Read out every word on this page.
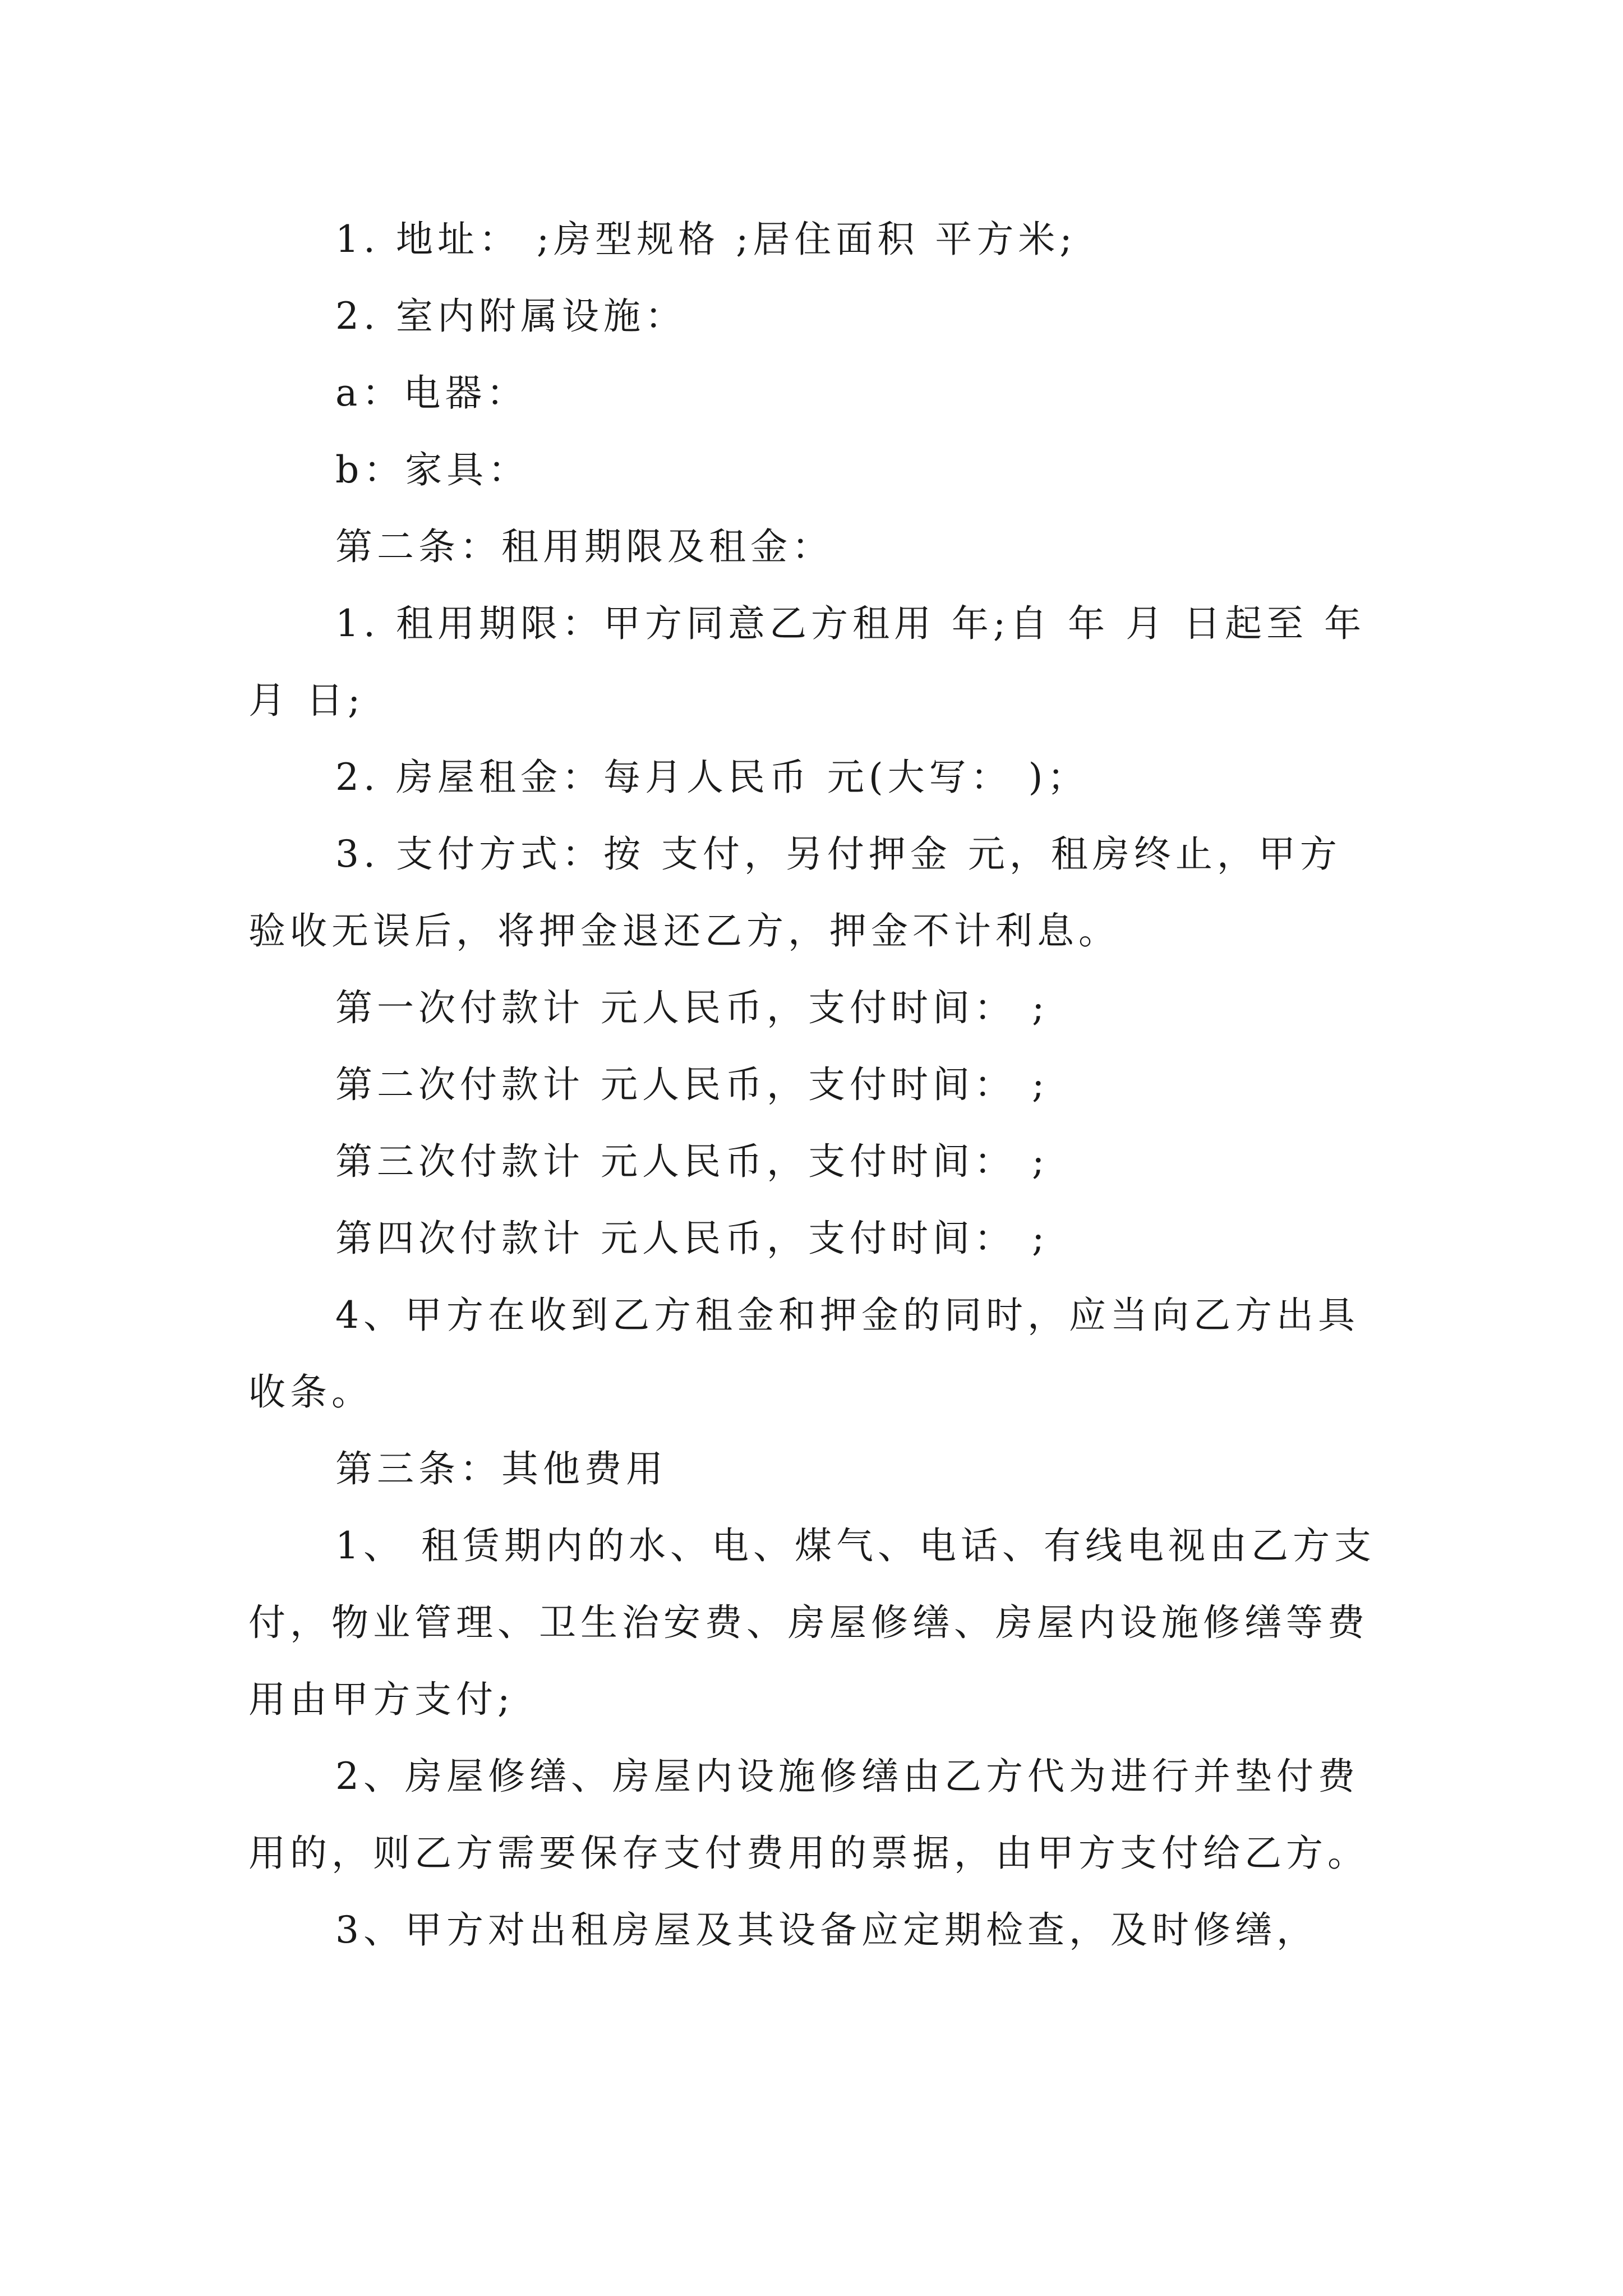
1. 地址： ;房型规格 ;居住面积 平方米;

2. 室内附属设施：

a：电器：

b：家具：

第二条：租用期限及租金：

1. 租用期限：甲方同意乙方租用 年;自 年 月 日起至 年 月 日;

2. 房屋租金：每月人民币 元(大写： )；

3. 支付方式：按 支付，另付押金 元，租房终止，甲方验收无误后，将押金退还乙方，押金不计利息。

第一次付款计 元人民币，支付时间： ;

第二次付款计 元人民币，支付时间： ;

第三次付款计 元人民币，支付时间： ;

第四次付款计 元人民币，支付时间： ;

4、甲方在收到乙方租金和押金的同时，应当向乙方出具收条。

第三条：其他费用

1、 租赁期内的水、电、煤气、电话、有线电视由乙方支付，物业管理、卫生治安费、房屋修缮、房屋内设施修缮等费用由甲方支付;

2、房屋修缮、房屋内设施修缮由乙方代为进行并垫付费用的，则乙方需要保存支付费用的票据，由甲方支付给乙方。

3、甲方对出租房屋及其设备应定期检查，及时修缮，
